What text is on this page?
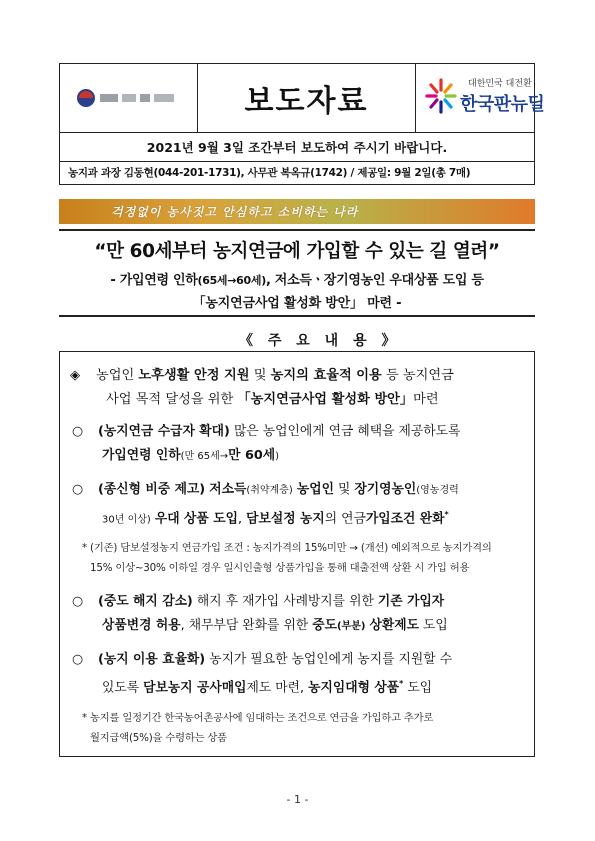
보도자료	대한민국 대전환
한국판뉴딜
2021년 9월 3일 조간부터 보도하여 주시기 바랍니다.
농지과 과장 김동현(044-201-1731), 사무관 복옥규(1742) / 제공일: 9월 2일(총 7매)
걱정없이 농사짓고 안심하고 소비하는 나라
“만 60세부터 농지연금에 가입할 수 있는 길 열려”
- 가입연령 인하(65세→60세), 저소득ㆍ장기영농인 우대상품 도입 등
「농지연금사업 활성화 방안」 마련 -
《 주 요 내 용 》
◈ 농업인 노후생활 안정 지원 및 농지의 효율적 이용 등 농지연금
사업 목적 달성을 위한 「농지연금사업 활성화 방안」마련
○ (농지연금 수급자 확대) 많은 농업인에게 연금 혜택을 제공하도록
가입연령 인하(만 65세→만 60세)
○ (종신형 비중 제고) 저소득(취약계층) 농업인 및 장기영농인(영농경력
30년 이상) 우대 상품 도입, 담보설정 농지의 연금가입조건 완화*
* (기존) 담보설정농지 연금가입 조건 : 농지가격의 15%미만 → (개선) 예외적으로 농지가격의
15% 이상~30% 이하일 경우 일시인출형 상품가입을 통해 대출전액 상환 시 가입 허용
○ (중도 해지 감소) 해지 후 재가입 사례방지를 위한 기존 가입자
상품변경 허용, 채무부담 완화를 위한 중도(부분) 상환제도 도입
○ (농지 이용 효율화) 농지가 필요한 농업인에게 농지를 지원할 수
있도록 담보농지 공사매입제도 마련, 농지임대형 상품* 도입
* 농지를 일정기간 한국농어촌공사에 임대하는 조건으로 연금을 가입하고 추가로
월지급액(5%)을 수령하는 상품
- 1 -
